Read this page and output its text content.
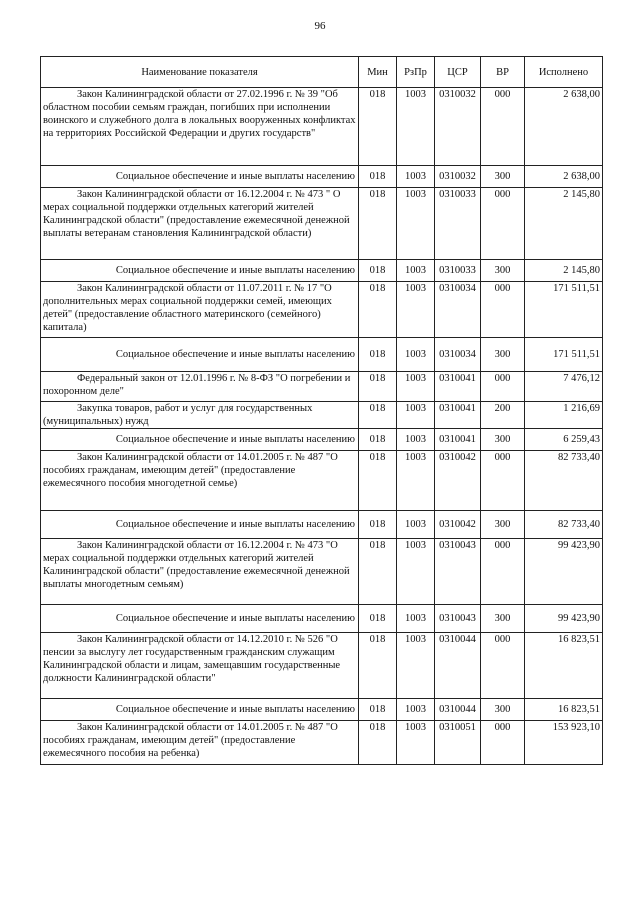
96
Наименование показателя	Мин	РзПр	ЦСР	ВР	Исполнено
Закон Калининградской области от 27.02.1996 г. № 39 "Об областном пособии семьям граждан, погибших при исполнении воинского и служебного долга в локальных вооруженных конфликтах на территориях Российской Федерации и других государств"	018	1003	0310032	000	2 638,00
Социальное обеспечение и иные выплаты населению	018	1003	0310032	300	2 638,00
Закон Калининградской области от 16.12.2004 г. № 473 " О мерах социальной поддержки отдельных категорий жителей Калининградской области" (предоставление ежемесячной денежной выплаты ветеранам становления Калининградской области)	018	1003	0310033	000	2 145,80
Социальное обеспечение и иные выплаты населению	018	1003	0310033	300	2 145,80
Закон Калининградской области от 11.07.2011 г. № 17 "О дополнительных мерах социальной поддержки семей, имеющих детей" (предоставление областного материнского (семейного) капитала)	018	1003	0310034	000	171 511,51
Социальное обеспечение и иные выплаты населению	018	1003	0310034	300	171 511,51
Федеральный закон от 12.01.1996 г. № 8-ФЗ "О погребении и похоронном деле"	018	1003	0310041	000	7 476,12
Закупка товаров, работ и услуг для государственных (муниципальных) нужд	018	1003	0310041	200	1 216,69
Социальное обеспечение и иные выплаты населению	018	1003	0310041	300	6 259,43
Закон Калининградской области от 14.01.2005 г. № 487 "О пособиях гражданам, имеющим детей" (предоставление ежемесячного пособия многодетной семье)	018	1003	0310042	000	82 733,40
Социальное обеспечение и иные выплаты населению	018	1003	0310042	300	82 733,40
Закон Калининградской области от 16.12.2004 г. № 473 "О мерах социальной поддержки отдельных категорий жителей Калининградской области" (предоставление ежемесячной денежной выплаты многодетным семьям)	018	1003	0310043	000	99 423,90
Социальное обеспечение и иные выплаты населению	018	1003	0310043	300	99 423,90
Закон Калининградской области от 14.12.2010 г. № 526 "О пенсии за выслугу лет государственным гражданским служащим Калининградской области и лицам, замещавшим государственные должности Калининградской области"	018	1003	0310044	000	16 823,51
Социальное обеспечение и иные выплаты населению	018	1003	0310044	300	16 823,51
Закон Калининградской области от 14.01.2005 г. № 487 "О пособиях гражданам, имеющим детей" (предоставление ежемесячного пособия на ребенка)	018	1003	0310051	000	153 923,10
